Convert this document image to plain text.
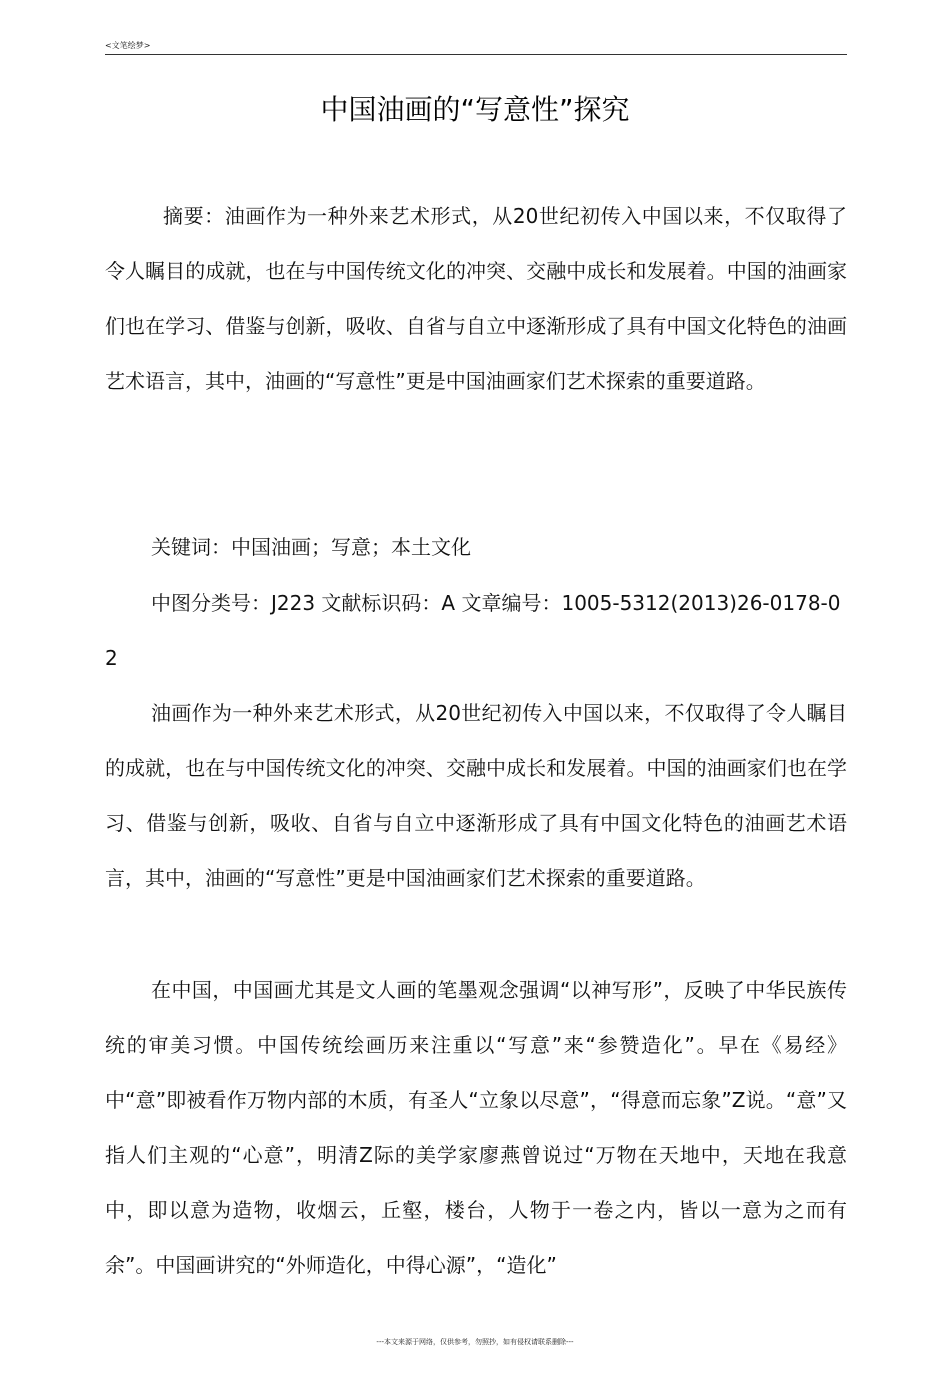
<文笔绘梦>
中国油画的“写意性”探究

摘要：油画作为一种外来艺术形式，从20世纪初传入中国以来，不仅取得了令人瞩目的成就，也在与中国传统文化的冲突、交融中成长和发展着。中国的油画家们也在学习、借鉴与创新，吸收、自省与自立中逐渐形成了具有中国文化特色的油画艺术语言，其中，油画的“写意性”更是中国油画家们艺术探索的重要道路。

关键词：中国油画；写意；本土文化

中图分类号：J223 文献标识码：A 文章编号：1005-5312(2013)26-0178-02

油画作为一种外来艺术形式，从20世纪初传入中国以来，不仅取得了令人瞩目的成就，也在与中国传统文化的冲突、交融中成长和发展着。中国的油画家们也在学习、借鉴与创新，吸收、自省与自立中逐渐形成了具有中国文化特色的油画艺术语言，其中，油画的“写意性”更是中国油画家们艺术探索的重要道路。

在中国，中国画尤其是文人画的笔墨观念强调“以神写形”，反映了中华民族传统的审美习惯。中国传统绘画历来注重以“写意”来“参赞造化”。早在《易经》中“意”即被看作万物内部的木质，有圣人“立象以尽意”，“得意而忘象”Z说。“意”又指人们主观的“心意”，明清Z际的美学家廖燕曾说过“万物在天地中，天地在我意中，即以意为造物，收烟云，丘壑，楼台，人物于一卷之内，皆以一意为之而有余”。中国画讲究的“外师造化，中得心源”，“造化”

---本文来源于网络，仅供参考，勿照抄，如有侵权请联系删除---
